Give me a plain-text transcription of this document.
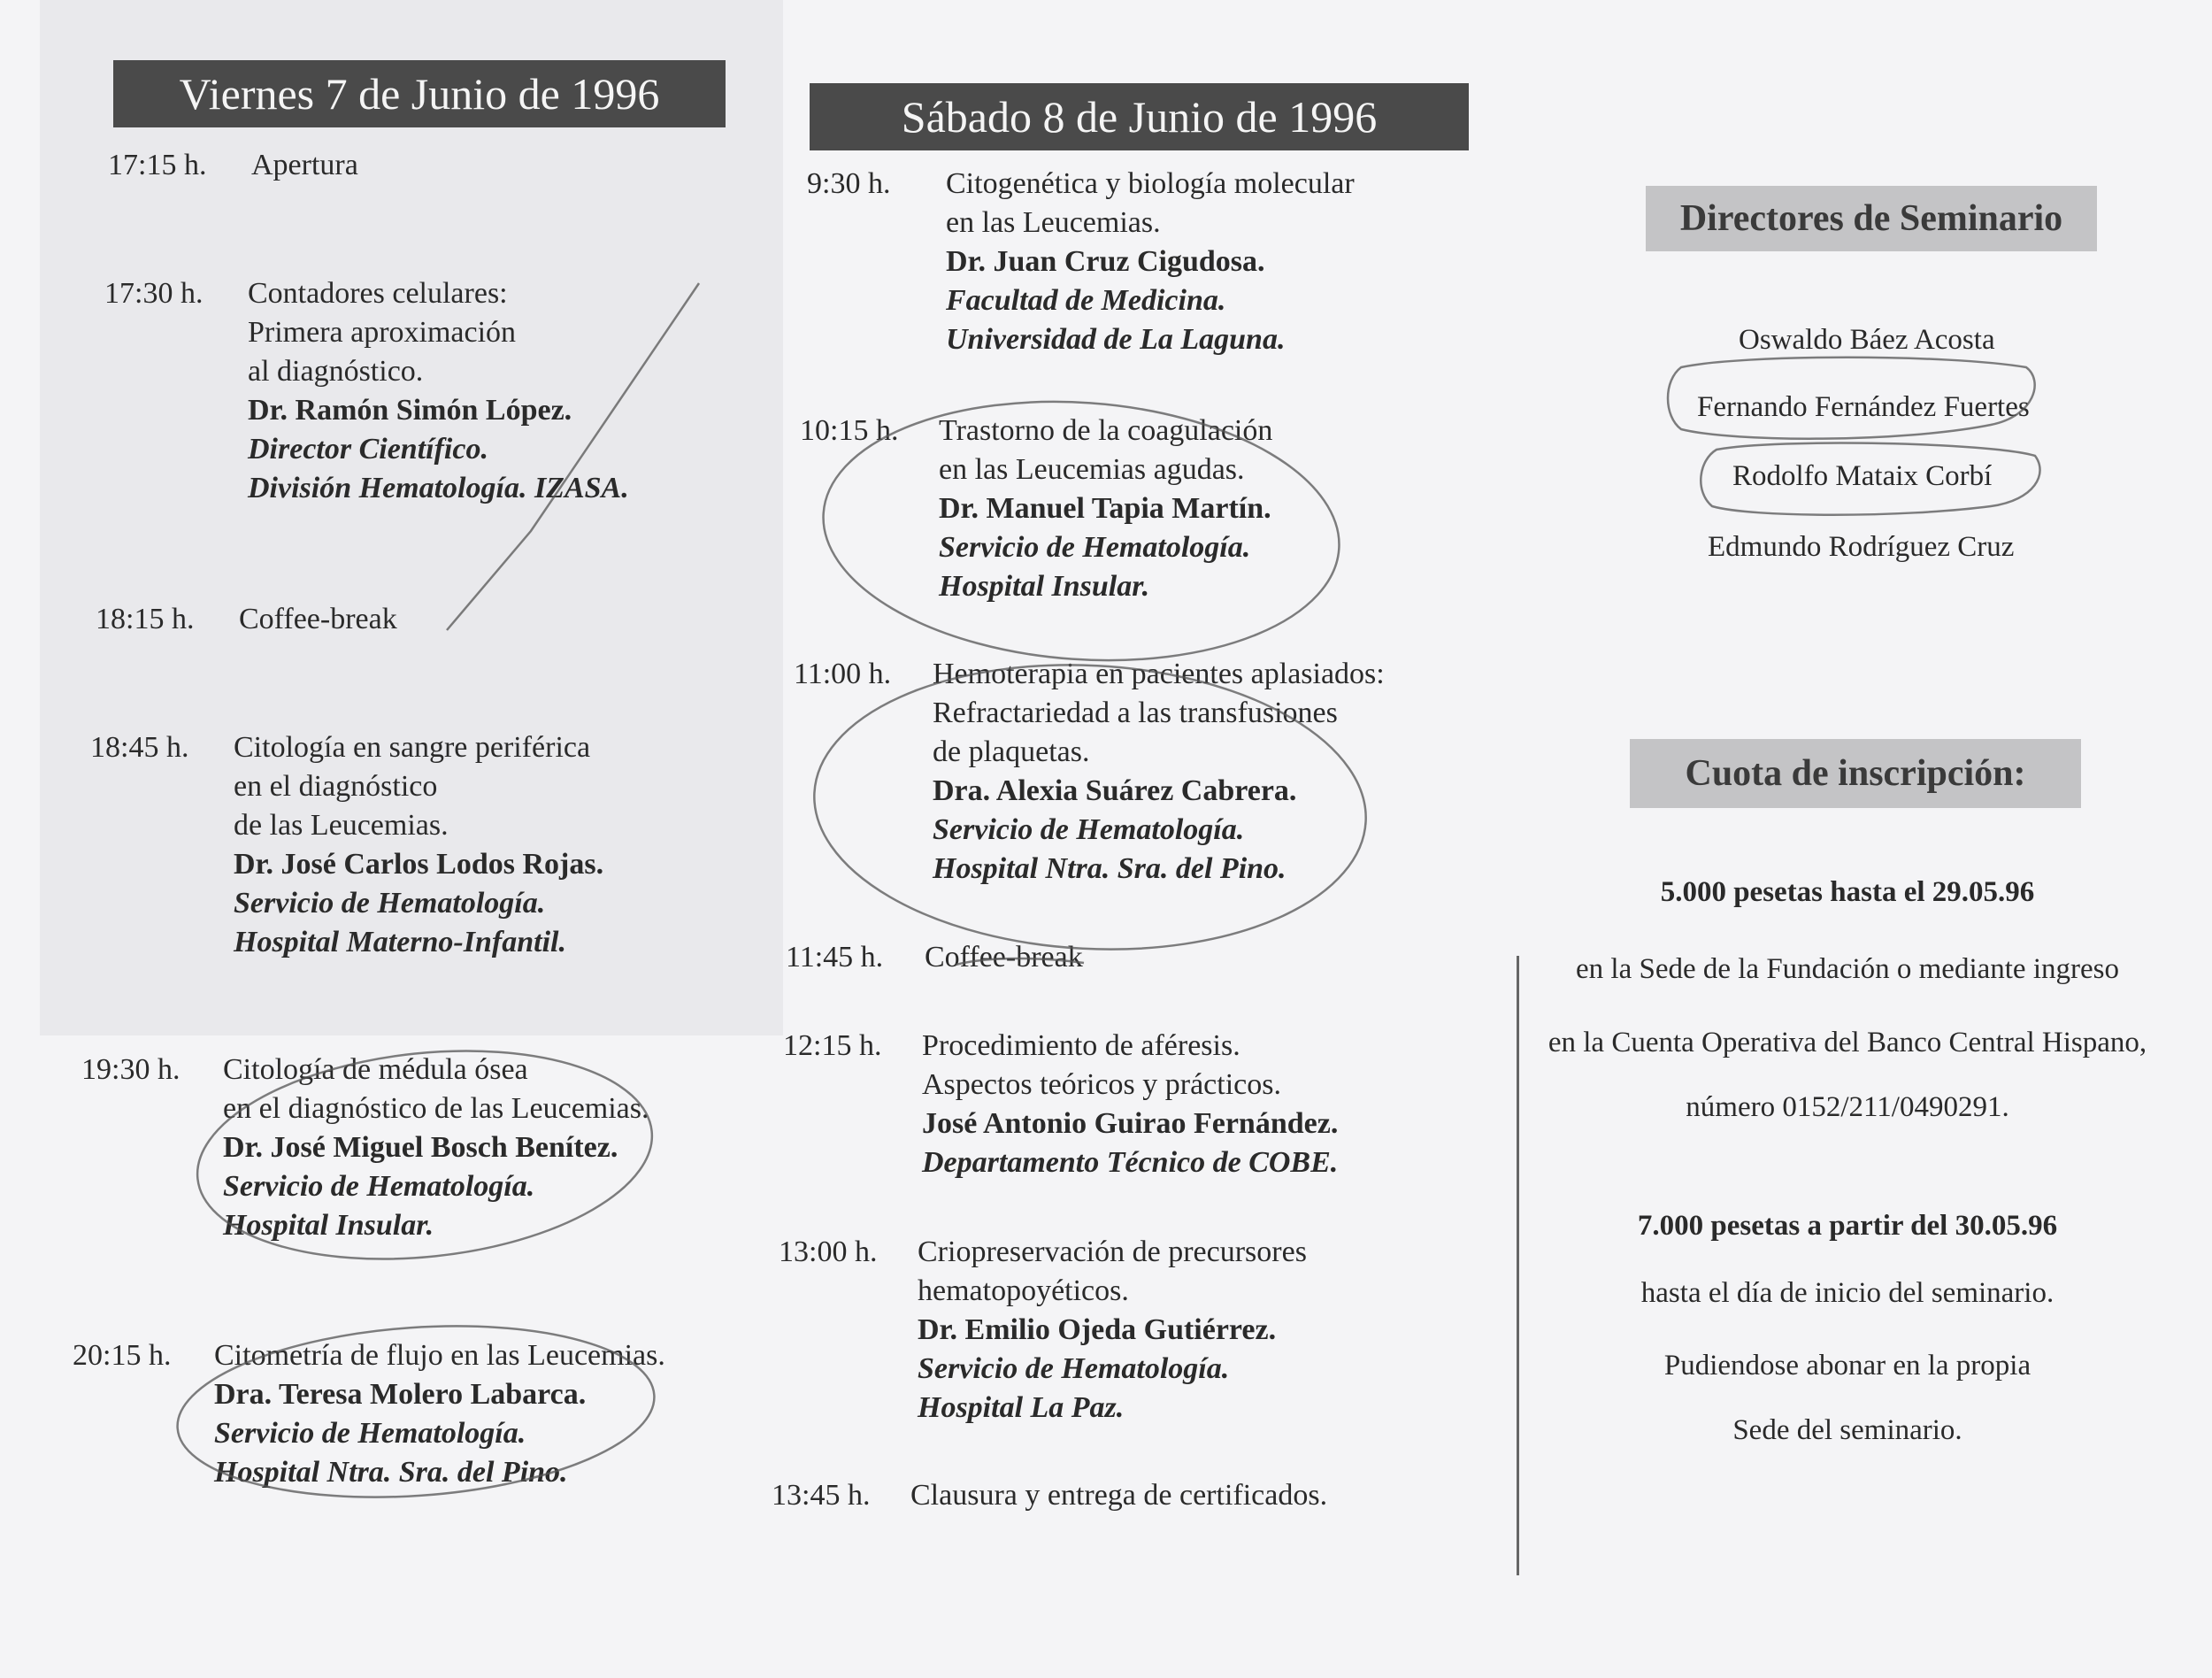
Viernes 7 de Junio de 1996
17:15 h. Apertura
17:30 h. Contadores celulares:
Primera aproximación
al diagnóstico.
Dr. Ramón Simón López.
Director Científico.
División Hematología. IZASA.
18:15 h. Coffee-break
18:45 h. Citología en sangre periférica
en el diagnóstico
de las Leucemias.
Dr. José Carlos Lodos Rojas.
Servicio de Hematología.
Hospital Materno-Infantil.
19:30 h. Citología de médula ósea
en el diagnóstico de las Leucemias.
Dr. José Miguel Bosch Benítez.
Servicio de Hematología.
Hospital Insular.
20:15 h. Citometría de flujo en las Leucemias.
Dra. Teresa Molero Labarca.
Servicio de Hematología.
Hospital Ntra. Sra. del Pino.
Sábado 8 de Junio de 1996
9:30 h. Citogenética y biología molecular
en las Leucemias.
Dr. Juan Cruz Cigudosa.
Facultad de Medicina.
Universidad de La Laguna.
10:15 h. Trastorno de la coagulación
en las Leucemias agudas.
Dr. Manuel Tapia Martín.
Servicio de Hematología.
Hospital Insular.
11:00 h. Hemoterapia en pacientes aplasiados:
Refractariedad a las transfusiones
de plaquetas.
Dra. Alexia Suárez Cabrera.
Servicio de Hematología.
Hospital Ntra. Sra. del Pino.
11:45 h. Coffee-break
12:15 h. Procedimiento de aféresis.
Aspectos teóricos y prácticos.
José Antonio Guirao Fernández.
Departamento Técnico de COBE.
13:00 h. Criopreservación de precursores
hematopoyéticos.
Dr. Emilio Ojeda Gutiérrez.
Servicio de Hematología.
Hospital La Paz.
13:45 h. Clausura y entrega de certificados.
Directores de Seminario
Oswaldo Báez Acosta
Fernando Fernández Fuertes
Rodolfo Mataix Corbí
Edmundo Rodríguez Cruz
Cuota de inscripción:
5.000 pesetas hasta el 29.05.96
en la Sede de la Fundación o mediante ingreso
en la Cuenta Operativa del Banco Central Hispano,
número 0152/211/0490291.
7.000 pesetas a partir del 30.05.96
hasta el día de inicio del seminario.
Pudiendose abonar en la propia
Sede del seminario.
